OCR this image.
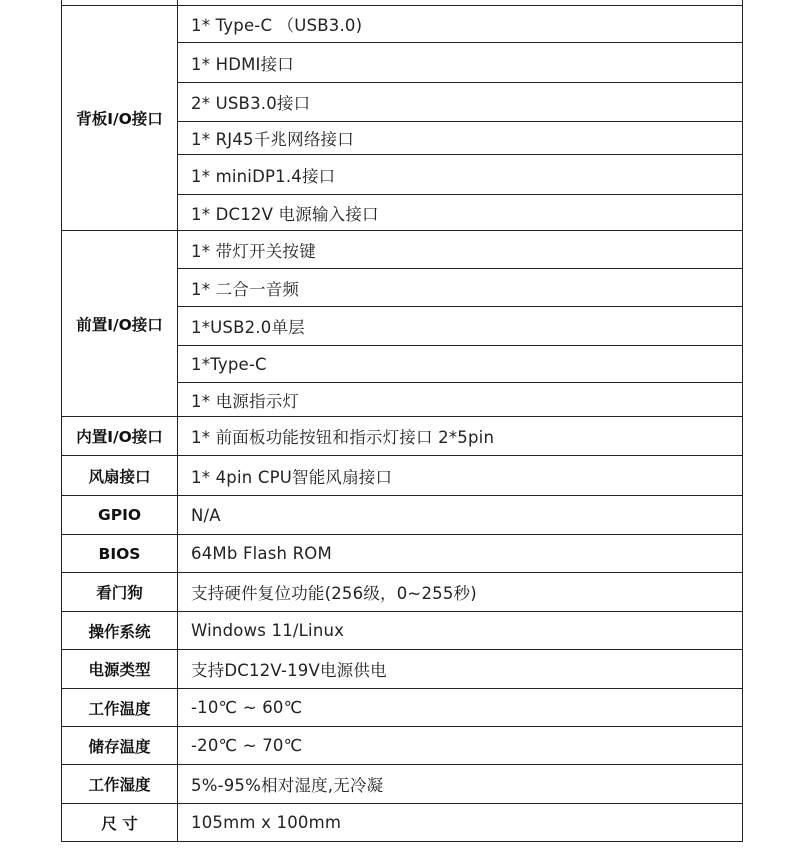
背板I/O接口	1* Type-C （USB3.0)
	1* HDMI接口
	2* USB3.0接口
	1* RJ45千兆网络接口
	1* miniDP1.4接口
	1* DC12V 电源输入接口
前置I/O接口	1* 带灯开关按键
	1* 二合一音频
	1*USB2.0单层
	1*Type-C
	1* 电源指示灯
内置I/O接口	1* 前面板功能按钮和指示灯接口 2*5pin
风扇接口	1* 4pin CPU智能风扇接口
GPIO	N/A
BIOS	64Mb Flash ROM
看门狗	支持硬件复位功能(256级，0~255秒)
操作系统	Windows 11/Linux
电源类型	支持DC12V-19V电源供电
工作温度	-10℃ ~ 60℃
储存温度	-20℃ ~ 70℃
工作湿度	5%-95%相对湿度,无冷凝
尺 寸	105mm x 100mm
